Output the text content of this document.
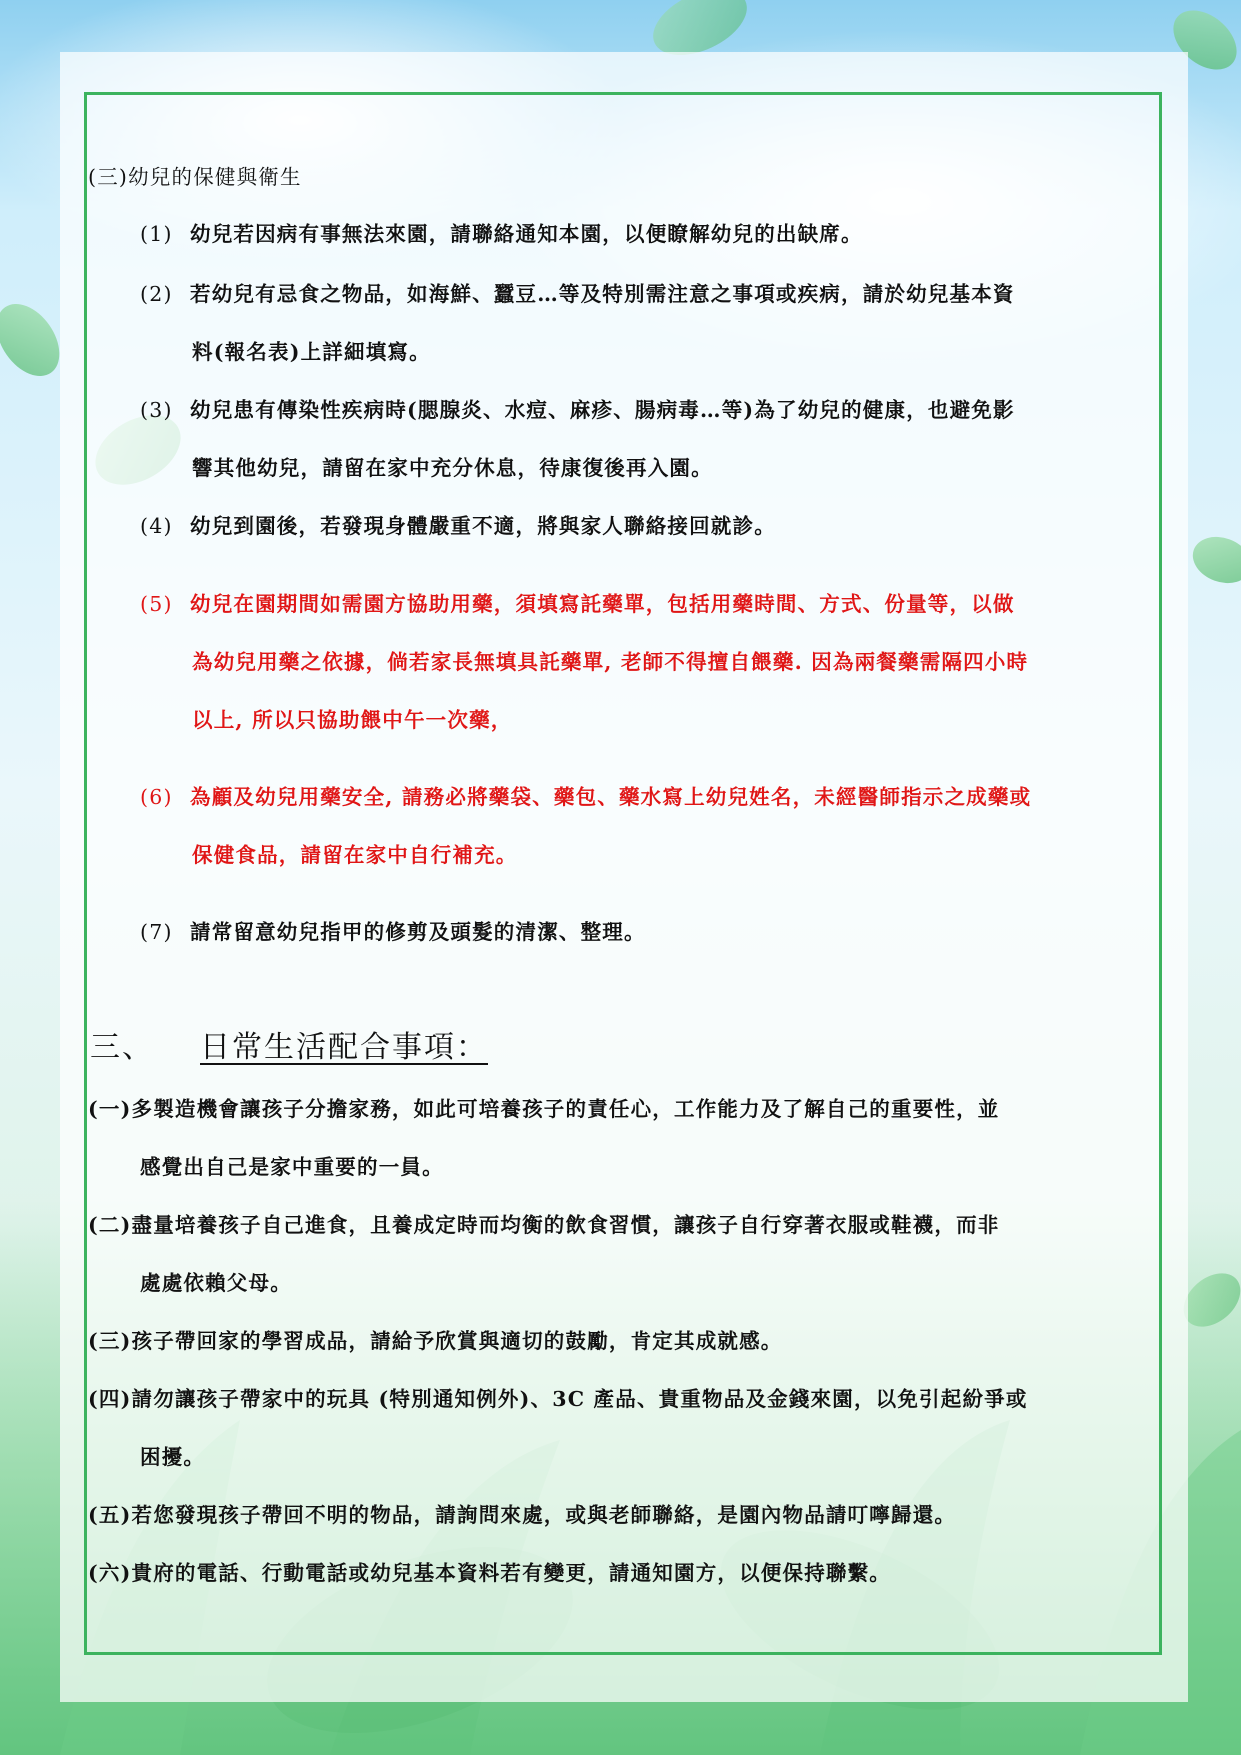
(三)幼兒的保健與衛生
(1) 幼兒若因病有事無法來園，請聯絡通知本園，以便瞭解幼兒的出缺席。
(2) 若幼兒有忌食之物品，如海鮮、蠶豆…等及特別需注意之事項或疾病，請於幼兒基本資
料(報名表)上詳細填寫。
(3) 幼兒患有傳染性疾病時(腮腺炎、水痘、麻疹、腸病毒…等)為了幼兒的健康，也避免影
響其他幼兒，請留在家中充分休息，待康復後再入園。
(4) 幼兒到園後，若發現身體嚴重不適，將與家人聯絡接回就診。
(5) 幼兒在園期間如需園方協助用藥，須填寫託藥單，包括用藥時間、方式、份量等，以做
為幼兒用藥之依據，倘若家長無填具託藥單, 老師不得擅自餵藥. 因為兩餐藥需隔四小時
以上, 所以只協助餵中午一次藥，
(6) 為顧及幼兒用藥安全, 請務必將藥袋、藥包、藥水寫上幼兒姓名，未經醫師指示之成藥或
保健食品，請留在家中自行補充。
(7) 請常留意幼兒指甲的修剪及頭髮的清潔、整理。
三、 日常生活配合事項：
(一)多製造機會讓孩子分擔家務，如此可培養孩子的責任心，工作能力及了解自己的重要性，並
感覺出自己是家中重要的一員。
(二)盡量培養孩子自己進食，且養成定時而均衡的飲食習慣，讓孩子自行穿著衣服或鞋襪，而非
處處依賴父母。
(三)孩子帶回家的學習成品，請給予欣賞與適切的鼓勵，肯定其成就感。
(四)請勿讓孩子帶家中的玩具 (特別通知例外)、3C 產品、貴重物品及金錢來園，以免引起紛爭或
困擾。
(五)若您發現孩子帶回不明的物品，請詢問來處，或與老師聯絡，是園內物品請叮嚀歸還。
(六)貴府的電話、行動電話或幼兒基本資料若有變更，請通知園方，以便保持聯繫。
